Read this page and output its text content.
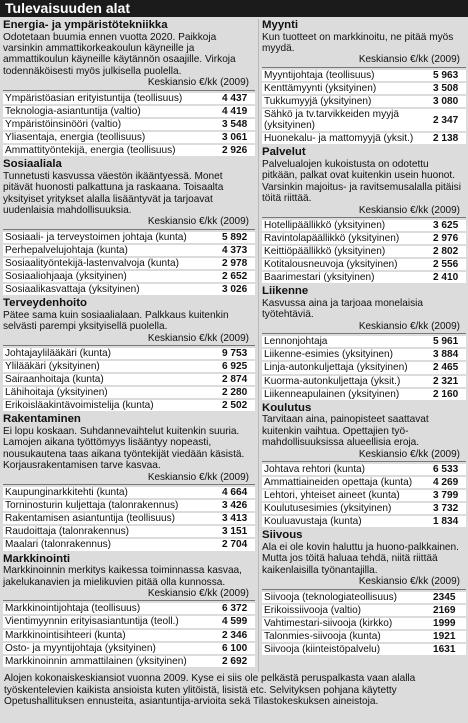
Tulevaisuuden alat
Energia- ja ympäristötekniikka
Odotetaan buumia ennen vuotta 2020. Paikkoja varsinkin ammattikorkeakoulun käyneille ja ammattikoulun käyneille käytännön osaajille. Virkoja todennäköisesti myös julkisella puolella.
Keskiansio €/kk (2009)
Ympäristöasian erityistuntija (teollisuus)	4 437
Teknologia-asiantuntija (valtio)	4 419
Ympäristöinsinööri (valtio)	3 548
Yliasentaja, energia (teollisuus)	3 061
Ammattityöntekijä, energia (teollisuus)	2 926
Sosiaaliala
Tunnetusti kasvussa väestön ikääntyessä. Monet pitävät huonosti palkattuna ja raskaana. Toisaalta yksityiset yritykset alalla lisääntyvät ja tarjoavat uudenlaisia mahdollisuuksia.
Keskiansio €/kk (2009)
Sosiaali- ja terveystoimen johtaja (kunta)	5 892
Perhepalvelujohtaja (kunta)	4 373
Sosiaalityöntekijä-lastenvalvoja (kunta)	2 978
Sosiaaliohjaaja (yksityinen)	2 652
Sosiaalikasvattaja (yksityinen)	3 026
Terveydenhoito
Pätee sama kuin sosiaalialaan. Palkkaus kuitenkin selvästi parempi yksityisellä puolella.
Keskiansio €/kk (2009)
Johtajaylilääkäri (kunta)	9 753
Ylilääkäri (yksityinen)	6 925
Sairaanhoitaja (kunta)	2 874
Lähihoitaja (yksityinen)	2 280
Erikoisläakintävoimistelija (kunta)	2 502
Rakentaminen
Ei lopu koskaan. Suhdannevaihtelut kuitenkin suuria. Lamojen aikana työttömyys lisääntyy nopeasti, nousukautena taas aikana työntekijät viedään käsistä. Korjausrakentamisen tarve kasvaa.
Keskiansio €/kk (2009)
Kaupunginarkkitehti (kunta)	4 664
Torninosturin kuljettaja (talonrakennus)	3 426
Rakentamisen asiantuntija (teollisuus)	3 413
Raudoittaja (talonrakennus)	3 151
Maalari (talonrakennus)	2 704
Markkinointi
Markkinoinnin merkitys kaikessa toiminnassa kasvaa, jakelukanavien ja mielikuvien pitää olla kunnossa.
Keskiansio €/kk (2009)
Markkinointijohtaja (teollisuus)	6 372
Vientimyynnin erityisasiantuntija (teoll.)	4 599
Markkinointisihteeri (kunta)	2 346
Osto- ja myyntijohtaja (yksityinen)	6 100
Markkinoinnin ammattilainen (yksityinen)	2 692
Myynti
Kun tuotteet on markkinoitu, ne pitää myös myydä.
Keskiansio €/kk (2009)
Myyntijohtaja (teollisuus)	5 963
Kenttämyynti (yksityinen)	3 508
Tukkumyyjä (yksityinen)	3 080
Sähkö ja tv.tarvikkeiden myyjä (yksityinen)
2 347
Huonekalu- ja mattomyyjä (yksit.) 2 138
Palvelut
Palvelualojen kukoistusta on odotettu pitkään, palkat ovat kuitenkin usein huonot. Varsinkin majoitus- ja ravitsemusalalla pitäisi töitä riittää.
Keskiansio €/kk (2009)
Hotellipäällikkö (yksityinen)	3 625
Ravintolapäällikkö (yksityinen)	2 976
Keittiöpäällikkö (yksityinen)	2 802
Kotitalousneuvoja (yksityinen)	2 556
Baarimestari (yksityinen)	2 410
Liikenne
Kasvussa aina ja tarjoaa monelaisia työtehtäviä.
Keskiansio €/kk (2009)
Lennonjohtaja	5 961
Liikenne-esimies (yksityinen)	3 884
Linja-autonkuljettaja (yksityinen)	2 465
Kuorma-autonkuljettaja (yksit.)	2 321
Liikenneapulainen (yksityinen)	2 160
Koulutus
Tarvitaan aina, painopisteet saattavat kuitenkin vaihtua. Opettajien työ-mahdollisuuksissa alueellisia eroja.
Keskiansio €/kk (2009)
Johtava rehtori (kunta)	6 533
Ammattiaineiden opettaja (kunta) 4 269
Lehtori, yhteiset aineet (kunta)	3 799
Koulutusesimies (yksityinen)	3 732
Kouluavustaja (kunta)	1 834
Siivous
Ala ei ole kovin haluttu ja huono-palkkainen. Mutta jos töitä haluaa tehdä, niitä riittää kaikenlaisilla työnantajilla.
Keskiansio €/kk (2009)
Siivooja (teknologiateollisuus)	2345
Erikoissiivooja (valtio)	2169
Vahtimestari-siivooja (kirkko)	1999
Talonmies-siivooja (kunta)	1921
Siivooja (kiinteistöpalvelu)	1631
Alojen kokonaiskeskiansiot vuonna 2009. Kyse ei siis ole pelkästä peruspalkasta vaan alalla työskentelevien kaikista ansioista kuten ylitöistä, lisistä etc. Selvityksen pohjana käytetty Opetushallituksen ennusteita, asiantuntija-arvioita sekä Tilastokeskuksen aineistoja.
